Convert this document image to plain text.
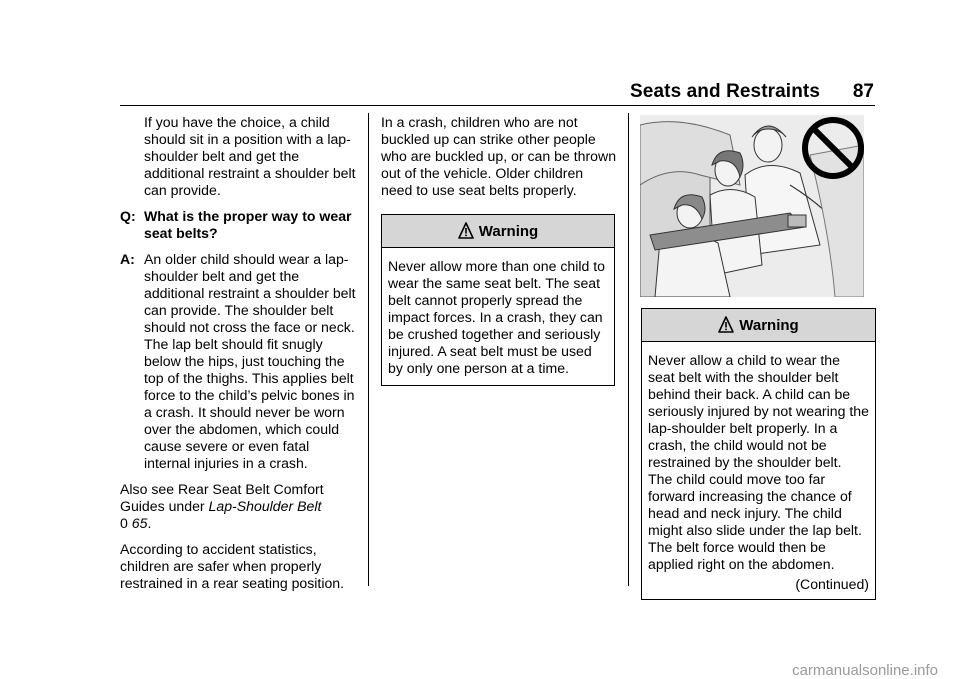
Seats and Restraints 87

If you have the choice, a child should sit in a position with a lap-shoulder belt and get the additional restraint a shoulder belt can provide.

Q: What is the proper way to wear seat belts?
A: An older child should wear a lap-shoulder belt and get the additional restraint a shoulder belt can provide. The shoulder belt should not cross the face or neck. The lap belt should fit snugly below the hips, just touching the top of the thighs. This applies belt force to the child’s pelvic bones in a crash. It should never be worn over the abdomen, which could cause severe or even fatal internal injuries in a crash.

Also see Rear Seat Belt Comfort Guides under Lap-Shoulder Belt
0 65.

According to accident statistics, children are safer when properly restrained in a rear seating position.

In a crash, children who are not buckled up can strike other people who are buckled up, or can be thrown out of the vehicle. Older children need to use seat belts properly.

Warning
Never allow more than one child to wear the same seat belt. The seat belt cannot properly spread the impact forces. In a crash, they can be crushed together and seriously injured. A seat belt must be used by only one person at a time.
Warning
Never allow a child to wear the seat belt with the shoulder belt behind their back. A child can be seriously injured by not wearing the lap-shoulder belt properly. In a crash, the child would not be restrained by the shoulder belt. The child could move too far forward increasing the chance of head and neck injury. The child might also slide under the lap belt. The belt force would then be applied right on the abdomen.
(Continued)
carmanualsonline.info
